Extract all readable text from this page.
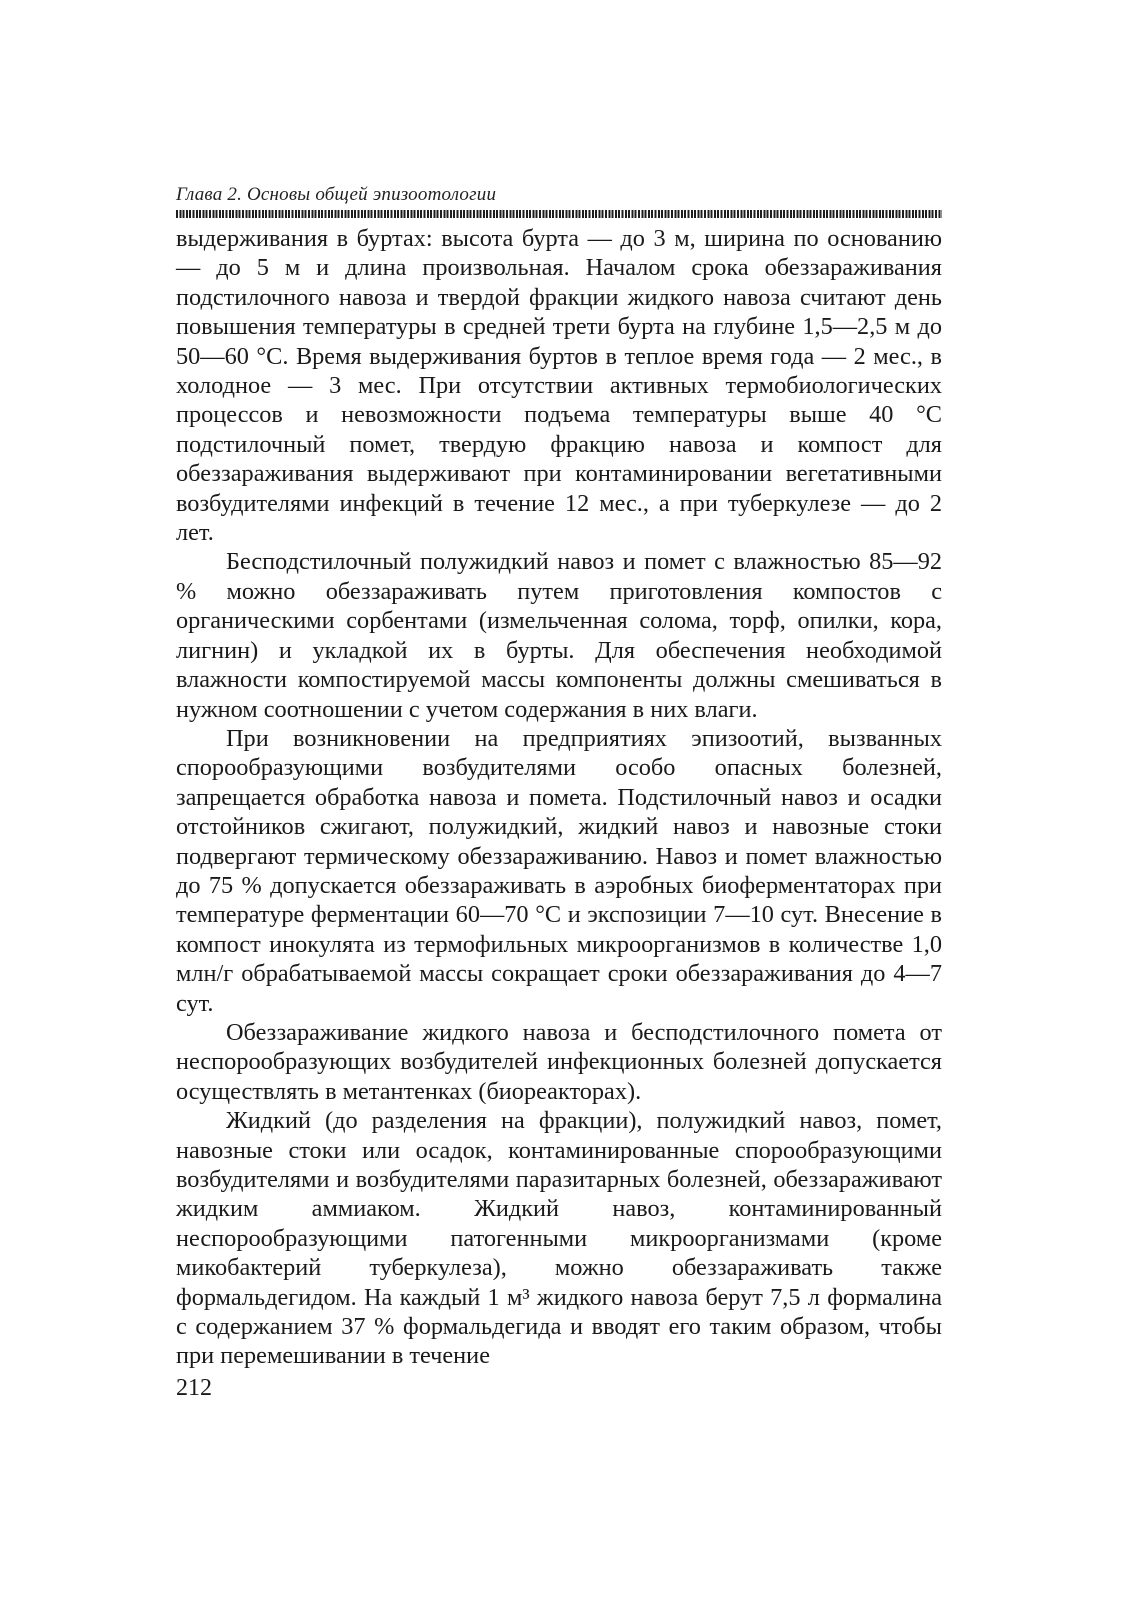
Глава 2. Основы общей эпизоотологии

выдерживания в буртах: высота бурта — до 3 м, ширина по основанию — до 5 м и длина произвольная. Началом срока обеззараживания подстилочного навоза и твердой фракции жидкого навоза считают день повышения температуры в средней трети бурта на глубине 1,5—2,5 м до 50—60 °С. Время выдерживания буртов в теплое время года — 2 мес., в холодное — 3 мес. При отсутствии активных термобиологических процессов и невозможности подъема температуры выше 40 °С подстилочный помет, твердую фракцию навоза и компост для обеззараживания выдерживают при контаминировании вегетативными возбудителями инфекций в течение 12 мес., а при туберкулезе — до 2 лет.

Бесподстилочный полужидкий навоз и помет с влажностью 85—92 % можно обеззараживать путем приготовления компостов с органическими сорбентами (измельченная солома, торф, опилки, кора, лигнин) и укладкой их в бурты. Для обеспечения необходимой влажности компостируемой массы компоненты должны смешиваться в нужном соотношении с учетом содержания в них влаги.

При возникновении на предприятиях эпизоотий, вызванных спорообразующими возбудителями особо опасных болезней, запрещается обработка навоза и помета. Подстилочный навоз и осадки отстойников сжигают, полужидкий, жидкий навоз и навозные стоки подвергают термическому обеззараживанию. Навоз и помет влажностью до 75 % допускается обеззараживать в аэробных биоферментаторах при температуре ферментации 60—70 °С и экспозиции 7—10 сут. Внесение в компост инокулята из термофильных микроорганизмов в количестве 1,0 млн/г обрабатываемой массы сокращает сроки обеззараживания до 4—7 сут.

Обеззараживание жидкого навоза и бесподстилочного помета от неспорообразующих возбудителей инфекционных болезней допускается осуществлять в метантенках (биореакторах).

Жидкий (до разделения на фракции), полужидкий навоз, помет, навозные стоки или осадок, контаминированные спорообразующими возбудителями и возбудителями паразитарных болезней, обеззараживают жидким аммиаком. Жидкий навоз, контаминированный неспорообразующими патогенными микроорганизмами (кроме микобактерий туберкулеза), можно обеззараживать также формальдегидом. На каждый 1 м³ жидкого навоза берут 7,5 л формалина с содержанием 37 % формальдегида и вводят его таким образом, чтобы при перемешивании в течение

212
